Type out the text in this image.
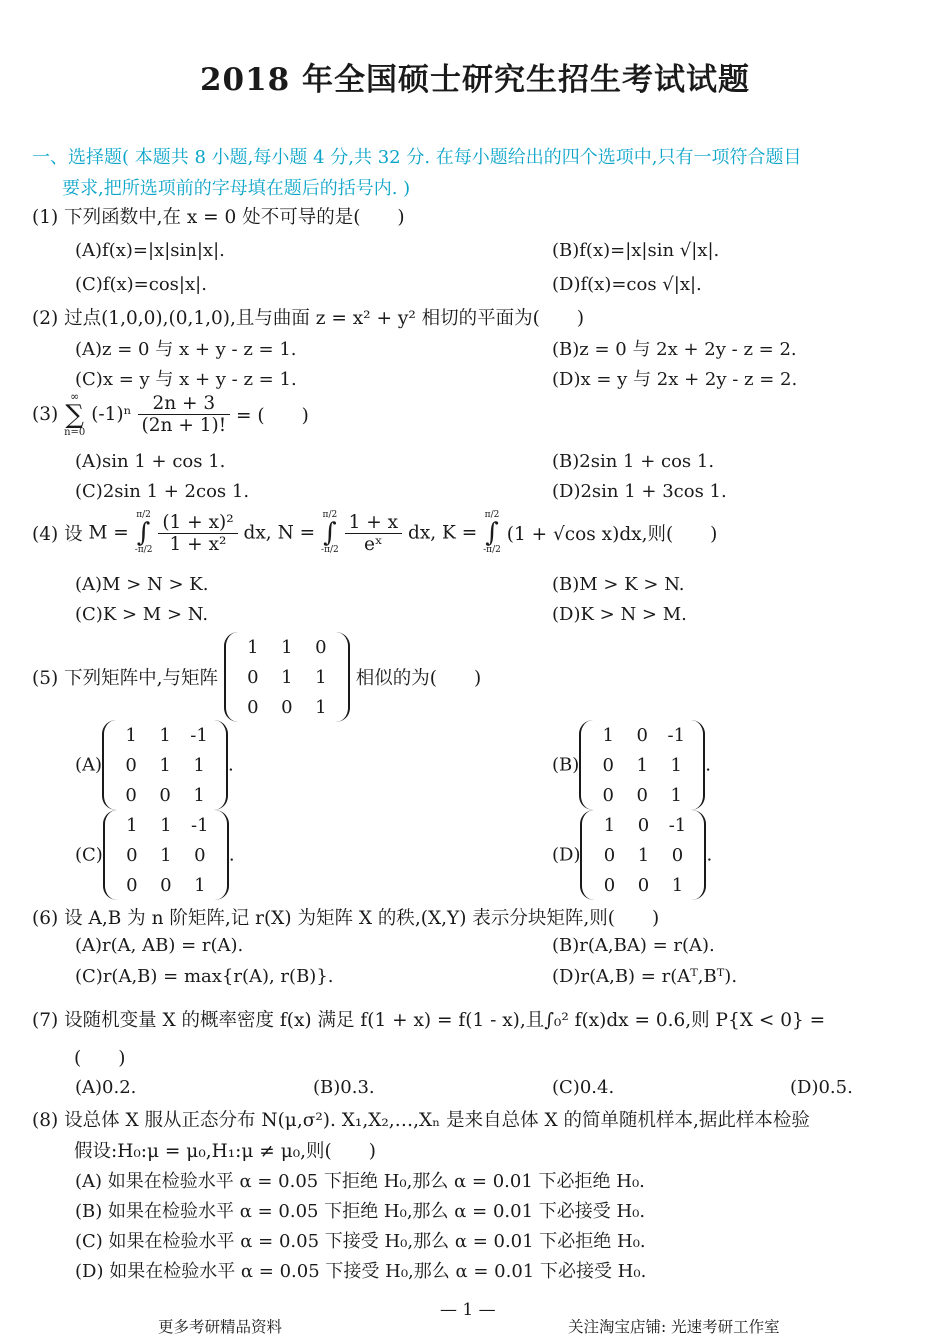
2018 年全国硕士研究生招生考试试题
一、选择题( 本题共 8 小题,每小题 4 分,共 32 分. 在每小题给出的四个选项中,只有一项符合题目
要求,把所选项前的字母填在题后的括号内. )
(1) 下列函数中,在 x = 0 处不可导的是(　　)
(A)f(x)=|x|sin|x|.	(B)f(x)=|x|sin √|x|.
(C)f(x)=cos|x|.	(D)f(x)=cos √|x|.
(2) 过点(1,0,0),(0,1,0),且与曲面 z = x² + y² 相切的平面为(　　)
(A)z = 0 与 x + y - z = 1.	(B)z = 0 与 2x + 2y - z = 2.
(C)x = y 与 x + y - z = 1.	(D)x = y 与 2x + 2y - z = 2.
(3)
∞
∑
n=0
$(-1)^n \frac{2n + 3}{(2n + 1)!}$ = (　　)
(A)sin 1 + cos 1.	(B)2sin 1 + cos 1.
(C)2sin 1 + 2cos 1.	(D)2sin 1 + 3cos 1.
(4) 设 M =
π/2
∫
-π/2
$\frac{\text{(1 + x)²}}{\text{1 + x²}}$ dx, N =
π/2
∫
-π/2
$\frac{1 + x}{\text{eˣ}}$ dx, K =
π/2
∫
-π/2
(1 + √cos x)dx,则(　　)
(A)M > N > K.	(B)M > K > N.
(C)K > M > N.	(D)K > N > M.
(5) 下列矩阵中,与矩阵
1	1	0
0	1	1
0	0	1
相似的为(　　)
(A)
1	1	-1
0	1	1
0	0	1
.	(B)
1	0	-1
0	1	1
0	0	1
.
(C)
1	1	-1
0	1	0
0	0	1
.	(D)
1	0	-1
0	1	0
0	0	1
.
(6) 设 A,B 为 n 阶矩阵,记 r(X) 为矩阵 X 的秩,(X,Y) 表示分块矩阵,则(　　)
(A)r(A, AB) = r(A).	(B)r(A,BA) = r(A).
(C)r(A,B) = max{r(A), r(B)}.	(D)r(A,B) = r(Aᵀ,Bᵀ).
(7) 设随机变量 X 的概率密度 f(x) 满足 f(1 + x) = f(1 - x),且∫₀² f(x)dx = 0.6,则 P{X < 0} =
(　　)
(A)0.2.	(B)0.3.	(C)0.4.	(D)0.5.
(8) 设总体 X 服从正态分布 N(μ,σ²). X₁,X₂,…,Xₙ 是来自总体 X 的简单随机样本,据此样本检验
假设:H₀:μ = μ₀,H₁:μ ≠ μ₀,则(　　)
(A) 如果在检验水平 α = 0.05 下拒绝 H₀,那么 α = 0.01 下必拒绝 H₀.
(B) 如果在检验水平 α = 0.05 下拒绝 H₀,那么 α = 0.01 下必接受 H₀.
(C) 如果在检验水平 α = 0.05 下接受 H₀,那么 α = 0.01 下必拒绝 H₀.
(D) 如果在检验水平 α = 0.05 下接受 H₀,那么 α = 0.01 下必接受 H₀.
— 1 —
更多考研精品资料	关注淘宝店铺: 光速考研工作室
